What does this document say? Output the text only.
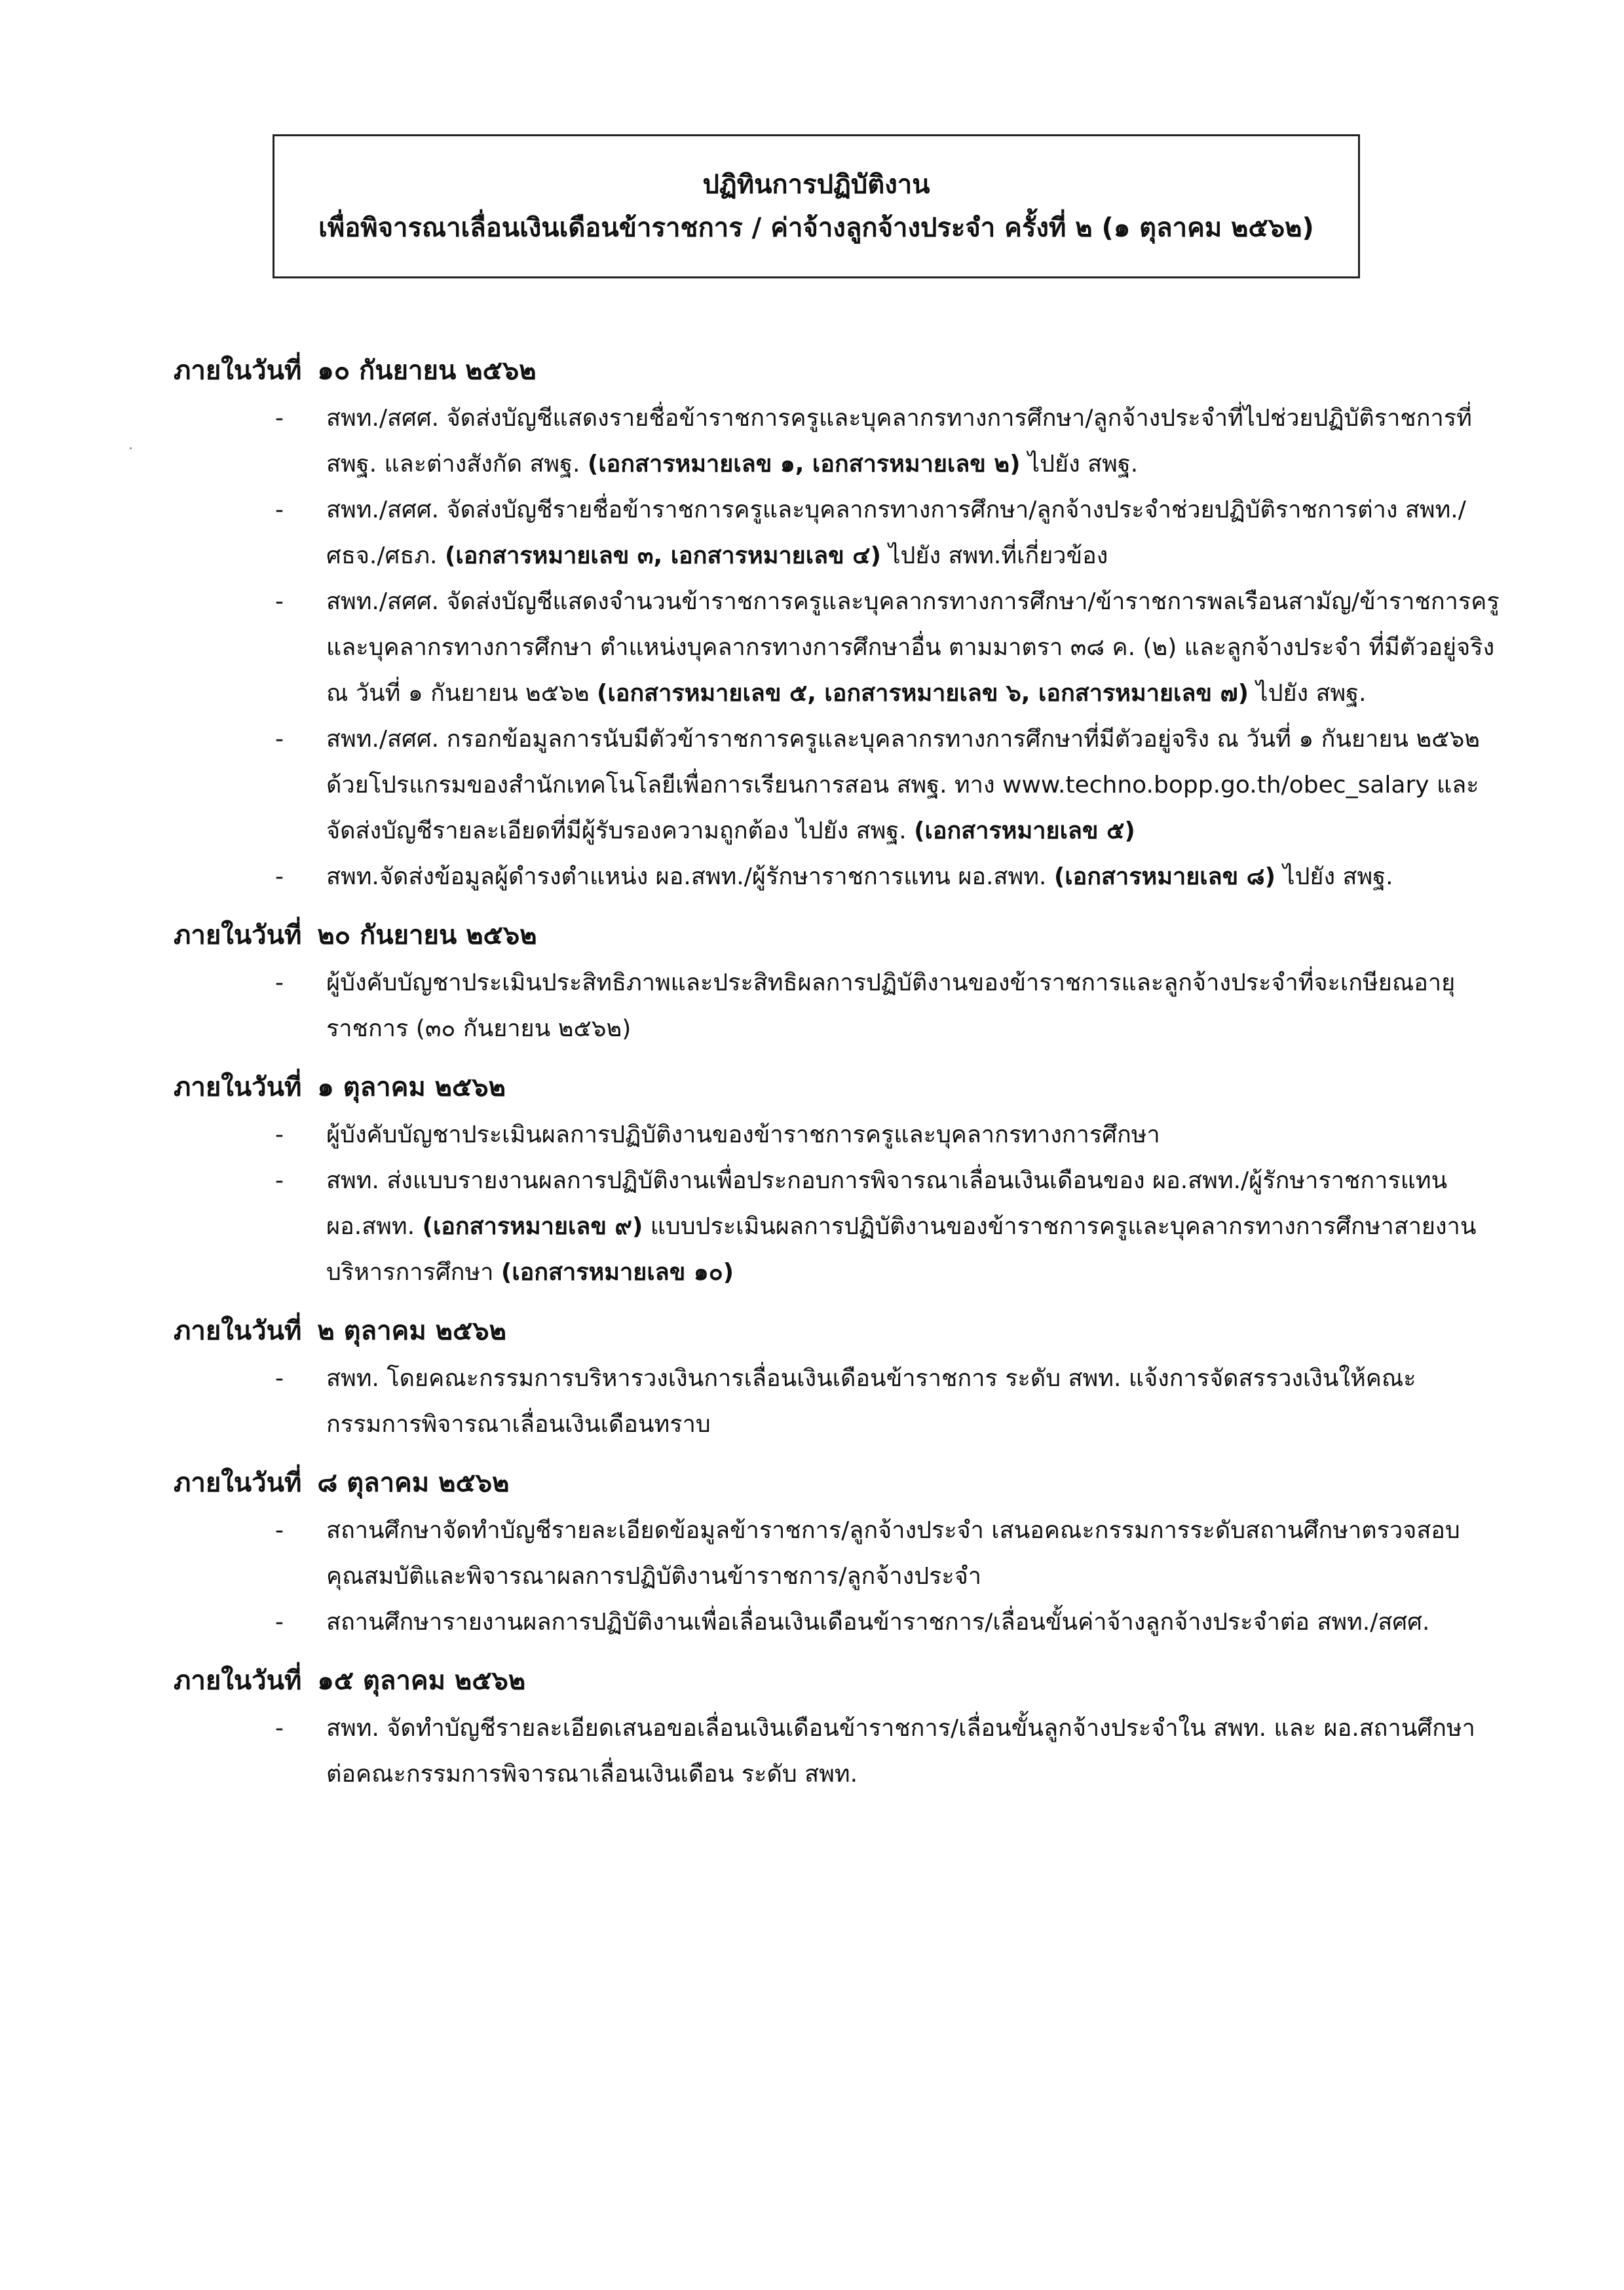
ปฏิทินการปฏิบัติงาน
เพื่อพิจารณาเลื่อนเงินเดือนข้าราชการ / ค่าจ้างลูกจ้างประจำ ครั้งที่ ๒ (๑ ตุลาคม ๒๕๖๒)
ภายในวันที่ ๑๐ กันยายน ๒๕๖๒
- สพท./สศศ. จัดส่งบัญชีแสดงรายชื่อข้าราชการครูและบุคลากรทางการศึกษา/ลูกจ้างประจำที่ไปช่วยปฏิบัติราชการที่ สพฐ. และต่างสังกัด สพฐ. (เอกสารหมายเลข ๑, เอกสารหมายเลข ๒) ไปยัง สพฐ.
- สพท./สศศ. จัดส่งบัญชีรายชื่อข้าราชการครูและบุคลากรทางการศึกษา/ลูกจ้างประจำช่วยปฏิบัติราชการต่าง สพท./ศธจ./ศธภ. (เอกสารหมายเลข ๓, เอกสารหมายเลข ๔) ไปยัง สพท.ที่เกี่ยวข้อง
- สพท./สศศ. จัดส่งบัญชีแสดงจำนวนข้าราชการครูและบุคลากรทางการศึกษา/ข้าราชการพลเรือนสามัญ/ข้าราชการครูและบุคลากรทางการศึกษา ตำแหน่งบุคลากรทางการศึกษาอื่น ตามมาตรา ๓๘ ค. (๒) และลูกจ้างประจำ ที่มีตัวอยู่จริง ณ วันที่ ๑ กันยายน ๒๕๖๒ (เอกสารหมายเลข ๕, เอกสารหมายเลข ๖, เอกสารหมายเลข ๗) ไปยัง สพฐ.
- สพท./สศศ. กรอกข้อมูลการนับมีตัวข้าราชการครูและบุคลากรทางการศึกษาที่มีตัวอยู่จริง ณ วันที่ ๑ กันยายน ๒๕๖๒ ด้วยโปรแกรมของสำนักเทคโนโลยีเพื่อการเรียนการสอน สพฐ. ทาง www.techno.bopp.go.th/obec_salary และจัดส่งบัญชีรายละเอียดที่มีผู้รับรองความถูกต้อง ไปยัง สพฐ. (เอกสารหมายเลข ๕)
- สพท.จัดส่งข้อมูลผู้ดำรงตำแหน่ง ผอ.สพท./ผู้รักษาราชการแทน ผอ.สพท. (เอกสารหมายเลข ๘) ไปยัง สพฐ.
ภายในวันที่ ๒๐ กันยายน ๒๕๖๒
- ผู้บังคับบัญชาประเมินประสิทธิภาพและประสิทธิผลการปฏิบัติงานของข้าราชการและลูกจ้างประจำที่จะเกษียณอายุราชการ (๓๐ กันยายน ๒๕๖๒)
ภายในวันที่ ๑ ตุลาคม ๒๕๖๒
- ผู้บังคับบัญชาประเมินผลการปฏิบัติงานของข้าราชการครูและบุคลากรทางการศึกษา
- สพท. ส่งแบบรายงานผลการปฏิบัติงานเพื่อประกอบการพิจารณาเลื่อนเงินเดือนของ ผอ.สพท./ผู้รักษาราชการแทน ผอ.สพท. (เอกสารหมายเลข ๙) แบบประเมินผลการปฏิบัติงานของข้าราชการครูและบุคลากรทางการศึกษาสายงานบริหารการศึกษา (เอกสารหมายเลข ๑๐)
ภายในวันที่ ๒ ตุลาคม ๒๕๖๒
- สพท. โดยคณะกรรมการบริหารวงเงินการเลื่อนเงินเดือนข้าราชการ ระดับ สพท. แจ้งการจัดสรรวงเงินให้คณะกรรมการพิจารณาเลื่อนเงินเดือนทราบ
ภายในวันที่ ๘ ตุลาคม ๒๕๖๒
- สถานศึกษาจัดทำบัญชีรายละเอียดข้อมูลข้าราชการ/ลูกจ้างประจำ เสนอคณะกรรมการระดับสถานศึกษาตรวจสอบคุณสมบัติและพิจารณาผลการปฏิบัติงานข้าราชการ/ลูกจ้างประจำ
- สถานศึกษารายงานผลการปฏิบัติงานเพื่อเลื่อนเงินเดือนข้าราชการ/เลื่อนขั้นค่าจ้างลูกจ้างประจำต่อ สพท./สศศ.
ภายในวันที่ ๑๕ ตุลาคม ๒๕๖๒
- สพท. จัดทำบัญชีรายละเอียดเสนอขอเลื่อนเงินเดือนข้าราชการ/เลื่อนขั้นลูกจ้างประจำใน สพท. และ ผอ.สถานศึกษา ต่อคณะกรรมการพิจารณาเลื่อนเงินเดือน ระดับ สพท.
